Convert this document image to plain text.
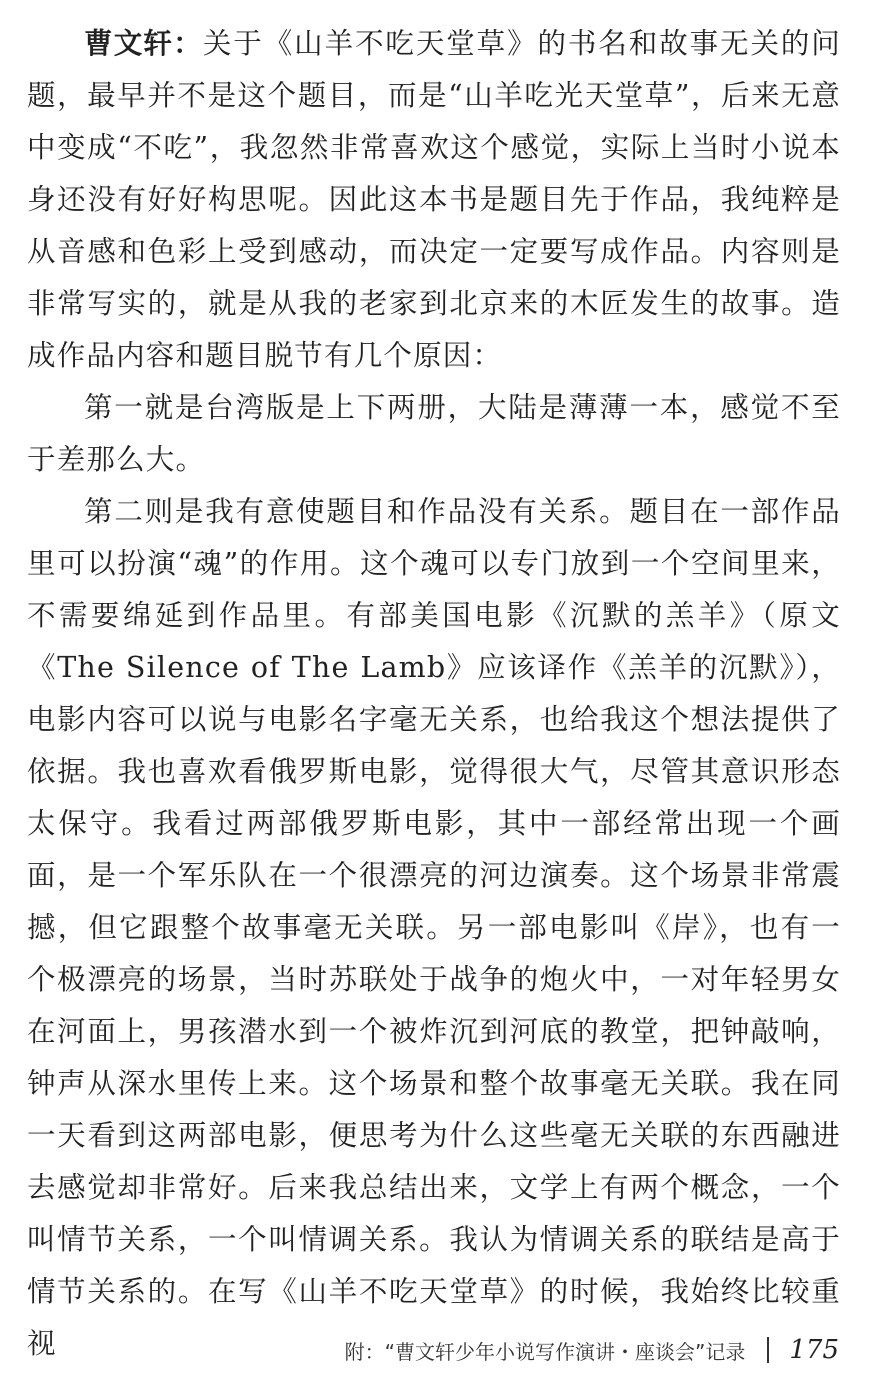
曹文轩：关于《山羊不吃天堂草》的书名和故事无关的问题，最早并不是这个题目，而是“山羊吃光天堂草”，后来无意中变成“不吃”，我忽然非常喜欢这个感觉，实际上当时小说本身还没有好好构思呢。因此这本书是题目先于作品，我纯粹是从音感和色彩上受到感动，而决定一定要写成作品。内容则是非常写实的，就是从我的老家到北京来的木匠发生的故事。造成作品内容和题目脱节有几个原因：

第一就是台湾版是上下两册，大陆是薄薄一本，感觉不至于差那么大。

第二则是我有意使题目和作品没有关系。题目在一部作品里可以扮演“魂”的作用。这个魂可以专门放到一个空间里来，不需要绵延到作品里。有部美国电影《沉默的羔羊》（原文《The Silence of The Lamb》应该译作《羔羊的沉默》），电影内容可以说与电影名字毫无关系，也给我这个想法提供了依据。我也喜欢看俄罗斯电影，觉得很大气，尽管其意识形态太保守。我看过两部俄罗斯电影，其中一部经常出现一个画面，是一个军乐队在一个很漂亮的河边演奏。这个场景非常震撼，但它跟整个故事毫无关联。另一部电影叫《岸》，也有一个极漂亮的场景，当时苏联处于战争的炮火中，一对年轻男女在河面上，男孩潜水到一个被炸沉到河底的教堂，把钟敲响，钟声从深水里传上来。这个场景和整个故事毫无关联。我在同一天看到这两部电影，便思考为什么这些毫无关联的东西融进去感觉却非常好。后来我总结出来，文学上有两个概念，一个叫情节关系，一个叫情调关系。我认为情调关系的联结是高于情节关系的。在写《山羊不吃天堂草》的时候，我始终比较重视	附：“曹文轩少年小说写作演讲・座谈会”记录 175
